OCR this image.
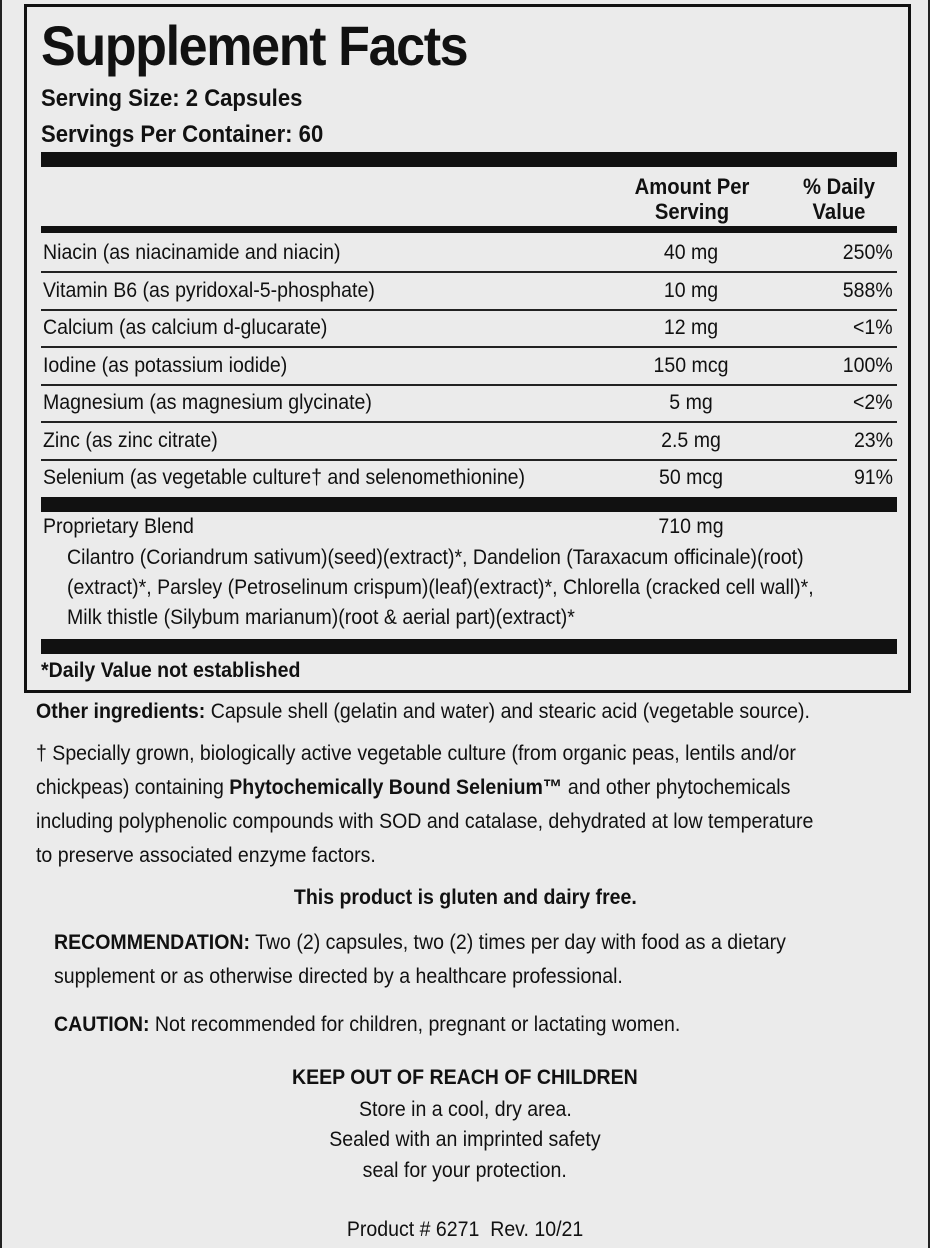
Supplement Facts
Serving Size: 2 Capsules
Servings Per Container: 60
Amount Per
Serving
% Daily
Value
Niacin (as niacinamide and niacin)	40 mg	250%
Vitamin B6 (as pyridoxal-5-phosphate)	10 mg	588%
Calcium (as calcium d-glucarate)	12 mg	<1%
Iodine (as potassium iodide)	150 mcg	100%
Magnesium (as magnesium glycinate)	5 mg	<2%
Zinc (as zinc citrate)	2.5 mg	23%
Selenium (as vegetable culture† and selenomethionine)	50 mcg	91%
Proprietary Blend	710 mg
Cilantro (Coriandrum sativum)(seed)(extract)*, Dandelion (Taraxacum officinale)(root)
(extract)*, Parsley (Petroselinum crispum)(leaf)(extract)*, Chlorella (cracked cell wall)*,
Milk thistle (Silybum marianum)(root & aerial part)(extract)*
*Daily Value not established
Other ingredients: Capsule shell (gelatin and water) and stearic acid (vegetable source).
† Specially grown, biologically active vegetable culture (from organic peas, lentils and/or
chickpeas) containing Phytochemically Bound Selenium™ and other phytochemicals
including polyphenolic compounds with SOD and catalase, dehydrated at low temperature
to preserve associated enzyme factors.
This product is gluten and dairy free.
RECOMMENDATION: Two (2) capsules, two (2) times per day with food as a dietary
supplement or as otherwise directed by a healthcare professional.
CAUTION: Not recommended for children, pregnant or lactating women.
KEEP OUT OF REACH OF CHILDREN
Store in a cool, dry area.
Sealed with an imprinted safety
seal for your protection.
Product # 6271  Rev. 10/21
